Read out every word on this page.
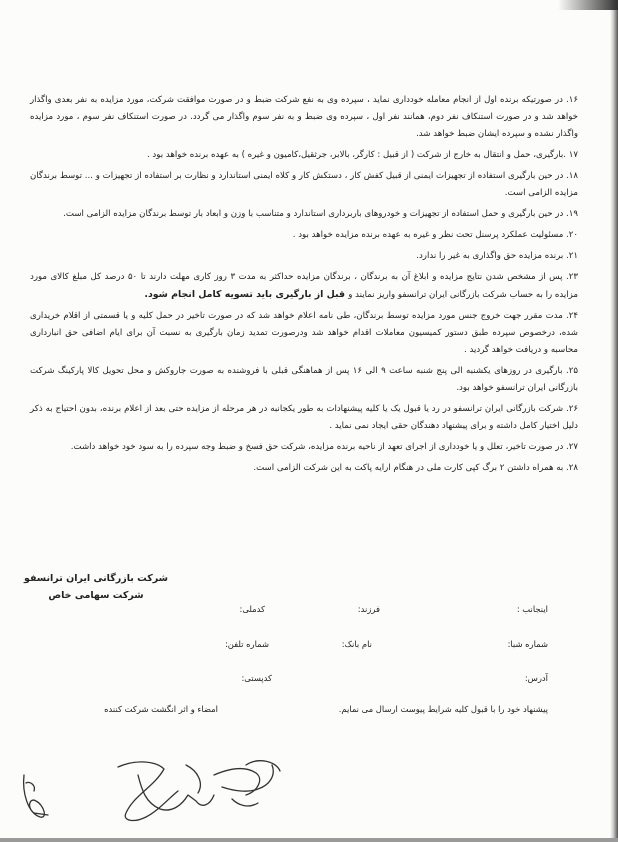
۱۶. در صورتیکه برنده اول از انجام معامله خودداری نماید ، سپرده وی به نفع شرکت ضبط و در صورت موافقت شرکت، مورد مزایده به نفر بعدی واگذار خواهد شد و در صورت استنکاف نفر دوم، همانند نفر اول ، سپرده وی ضبط و به نفر سوم واگذار می گردد. در صورت استنکاف نفر سوم ، مورد مزایده واگذار نشده و سپرده ایشان ضبط خواهد شد.

۱۷ .بارگیری، حمل و انتقال به خارج از شرکت ( از قبیل : کارگر، بالابر، جرثقیل،کامیون و غیره ) به عهده برنده خواهد بود .

۱۸. در حین بارگیری استفاده از تجهیزات ایمنی از قبیل کفش کار ، دستکش کار و کلاه ایمنی استاندارد و نظارت بر استفاده از تجهیزات و ... توسط برندگان مزایده الزامی است.

۱۹. در حین بارگیری و حمل استفاده از تجهیزات و خودروهای باربرداری استاندارد و متناسب با وزن و ابعاد بار توسط برندگان مزایده الزامی است.

۲۰. مسئولیت عملکرد پرسنل تحت نظر و غیره به عهده برنده مزایده خواهد بود .

۲۱. برنده مزایده حق واگذاری به غیر را ندارد.

۲۳. پس از مشخص شدن نتایج مزایده و ابلاغ آن به برندگان ، برندگان مزایده حداکثر به مدت ۳ روز کاری مهلت دارند تا ۵۰ درصد کل مبلغ کالای مورد مزایده را به حساب شرکت بازرگانی ایران ترانسفو واریز نمایند و قبل از بارگیری باید تسویه کامل انجام شود.

۲۴. مدت مقرر جهت خروج جنس مورد مزایده توسط برندگان، طی نامه اعلام خواهد شد که در صورت تاخیر در حمل کلیه و یا قسمتی از اقلام خریداری شده، درخصوص سپرده طبق دستور کمیسیون معاملات اقدام خواهد شد ودرصورت تمدید زمان بارگیری به نسبت آن برای ایام اضافی حق انبارداری محاسبه و دریافت خواهد گردید .

۲۵. بارگیری در روزهای یکشنبه الی پنج شنبه ساعت ۹ الی ۱۶ پس از هماهنگی قبلی با فروشنده به صورت جاروکش و محل تحویل کالا پارکینگ شرکت بازرگانی ایران ترانسفو خواهد بود.

۲۶. شرکت بازرگانی ایران ترانسفو در رد یا قبول یک یا کلیه پیشنهادات به طور یکجانبه در هر مرحله از مزایده حتی بعد از اعلام برنده، بدون احتیاج به ذکر دلیل اختیار کامل داشته و برای پیشنهاد دهندگان حقی ایجاد نمی نماید .

۲۷. در صورت تاخیر، تعلل و یا خودداری از اجرای تعهد از ناحیه برنده مزایده، شرکت حق فسخ و ضبط وجه سپرده را به سود خود خواهد داشت.

۲۸. به همراه داشتن ۲ برگ کپی کارت ملی در هنگام ارایه پاکت به این شرکت الزامی است.

شرکت بازرگانی ایران ترانسفو
شرکت سهامی خاص
اینجانب :
فرزند:
کدملی:
شماره شبا:
نام بانک:
شماره تلفن:
کدپستی:	آدرس:
پیشنهاد خود را با قبول کلیه شرایط پیوست ارسال می نمایم.
امضاء و اثر انگشت شرکت کننده
